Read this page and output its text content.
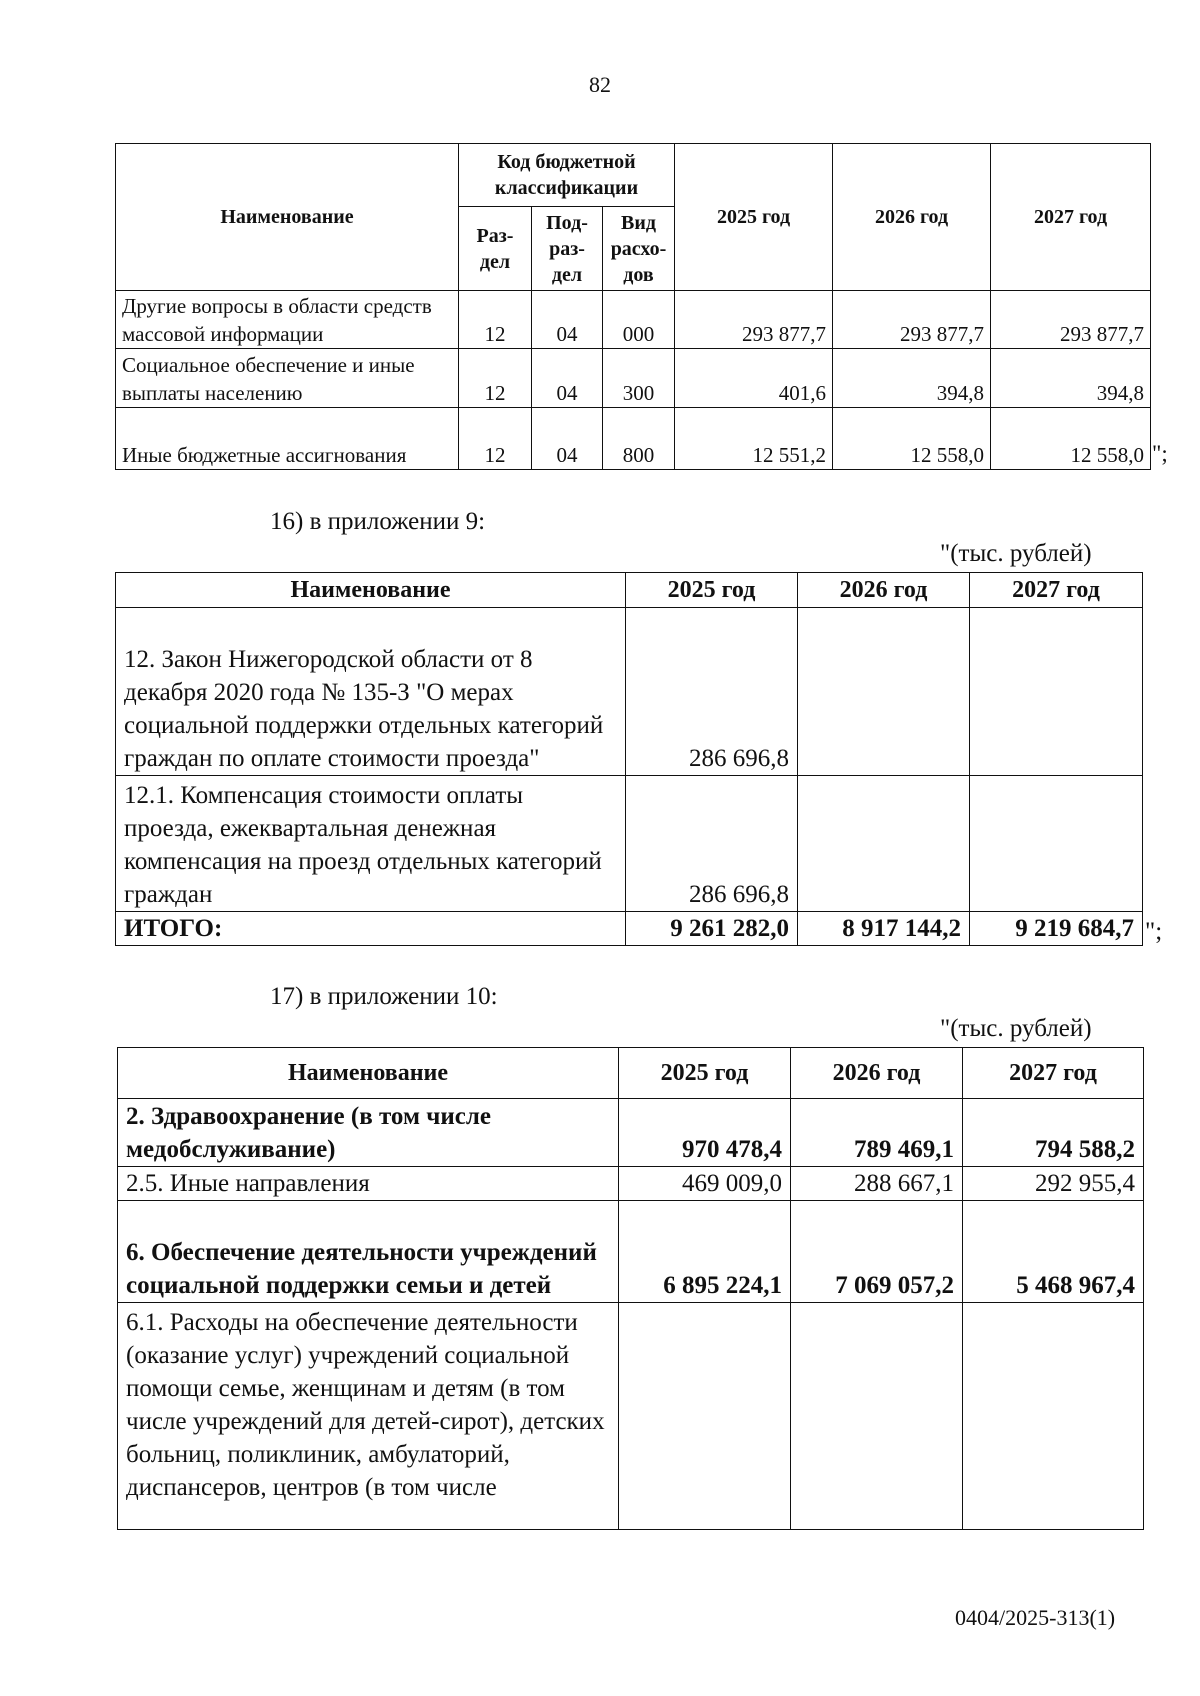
82
Наименование	Код бюджетной классификации			2025 год	2026 год	2027 год
	Раз- дел	Под- раз- дел	Вид расхо- дов			
Другие вопросы в области средств массовой информации	12	04	000	293 877,7	293 877,7	293 877,7
Социальное обеспечение и иные выплаты населению	12	04	300	401,6	394,8	394,8
Иные бюджетные ассигнования	12	04	800	12 551,2	12 558,0	12 558,0 ";
16) в приложении 9:
"(тыс. рублей)
Наименование	2025 год	2026 год	2027 год
12. Закон Нижегородской области от 8 декабря 2020 года № 135-З "О мерах социальной поддержки отдельных категорий граждан по оплате стоимости проезда"	286 696,8		
12.1. Компенсация стоимости оплаты проезда, ежеквартальная денежная компенсация на проезд отдельных категорий граждан	286 696,8		
ИТОГО:	9 261 282,0	8 917 144,2	9 219 684,7 ";
17) в приложении 10:
"(тыс. рублей)
Наименование	2025 год	2026 год	2027 год
2. Здравоохранение (в том числе медобслуживание)	970 478,4	789 469,1	794 588,2
2.5. Иные направления	469 009,0	288 667,1	292 955,4
6. Обеспечение деятельности учреждений социальной поддержки семьи и детей	6 895 224,1	7 069 057,2	5 468 967,4

6.1. Расходы на обеспечение деятельности (оказание услуг) учреждений социальной помощи семье, женщинам и детям (в том числе учреждений для детей-сирот), детских больниц, поликлиник, амбулаторий, диспансеров, центров (в том числе			

0404/2025-313(1)
